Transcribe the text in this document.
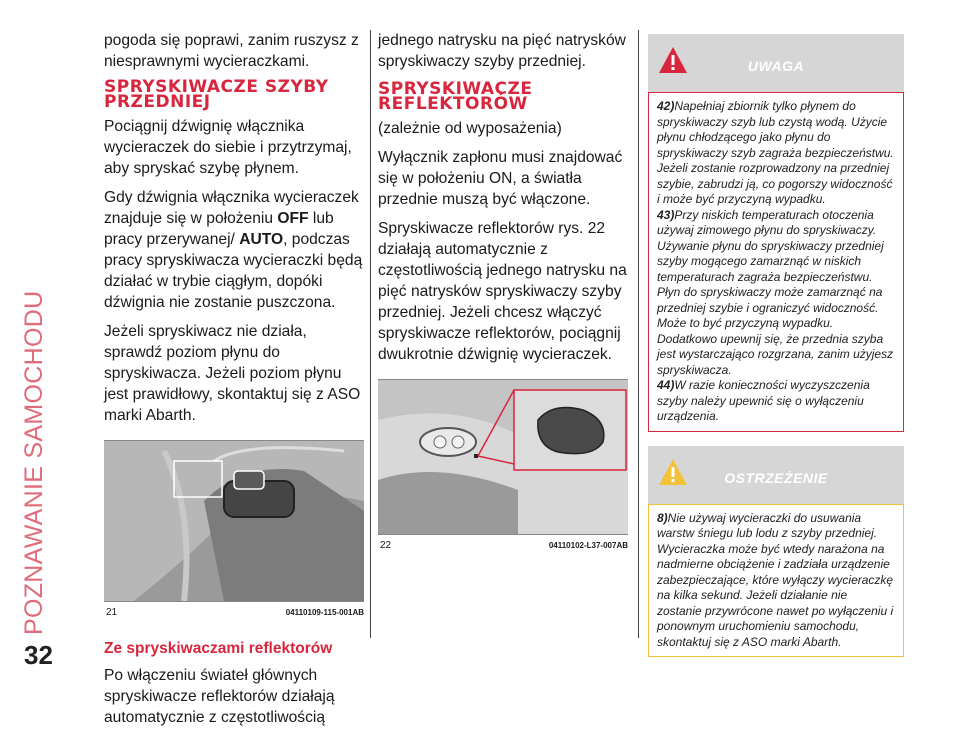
POZNAWANIE SAMOCHODU
32

pogoda się poprawi, zanim ruszysz z niesprawnymi wycieraczkami.

SPRYSKIWACZE SZYBY PRZEDNIEJ

Pociągnij dźwignię włącznika wycieraczek do siebie i przytrzymaj, aby spryskać szybę płynem.

Gdy dźwignia włącznika wycieraczek znajduje się w położeniu OFF lub pracy przerywanej/ AUTO, podczas pracy spryskiwacza wycieraczki będą działać w trybie ciągłym, dopóki dźwignia nie zostanie puszczona.

Jeżeli spryskiwacz nie działa, sprawdź poziom płynu do spryskiwacza. Jeżeli poziom płynu jest prawidłowy, skontaktuj się z ASO marki Abarth.

21	04110109-115-001AB
Ze spryskiwaczami reflektorów

Po włączeniu świateł głównych spryskiwacze reflektorów działają automatycznie z częstotliwością

jednego natrysku na pięć natrysków spryskiwaczy szyby przedniej.

SPRYSKIWACZE REFLEKTORÓW

(zależnie od wyposażenia)

Wyłącznik zapłonu musi znajdować się w położeniu ON, a światła przednie muszą być włączone.

Spryskiwacze reflektorów rys. 22 działają automatycznie z częstotliwością jednego natrysku na pięć natrysków spryskiwaczy szyby przedniej. Jeżeli chcesz włączyć spryskiwacze reflektorów, pociągnij dwukrotnie dźwignię wycieraczek.

22	04110102-L37-007AB
UWAGA

42)Napełniaj zbiornik tylko płynem do spryskiwaczy szyb lub czystą wodą. Użycie płynu chłodzącego jako płynu do spryskiwaczy szyb zagraża bezpieczeństwu. Jeżeli zostanie rozprowadzony na przedniej szybie, zabrudzi ją, co pogorszy widoczność i może być przyczyną wypadku.

43)Przy niskich temperaturach otoczenia używaj zimowego płynu do spryskiwaczy. Używanie płynu do spryskiwaczy przedniej szyby mogącego zamarznąć w niskich temperaturach zagraża bezpieczeństwu. Płyn do spryskiwaczy może zamarznąć na przedniej szybie i ograniczyć widoczność. Może to być przyczyną wypadku. Dodatkowo upewnij się, że przednia szyba jest wystarczająco rozgrzana, zanim użyjesz spryskiwacza.

44)W razie konieczności wyczyszczenia szyby należy upewnić się o wyłączeniu urządzenia.

OSTRZEŻENIE

8)Nie używaj wycieraczki do usuwania warstw śniegu lub lodu z szyby przedniej. Wycieraczka może być wtedy narażona na nadmierne obciążenie i zadziała urządzenie zabezpieczające, które wyłączy wycieraczkę na kilka sekund. Jeżeli działanie nie zostanie przywrócone nawet po wyłączeniu i ponownym uruchomieniu samochodu, skontaktuj się z ASO marki Abarth.
